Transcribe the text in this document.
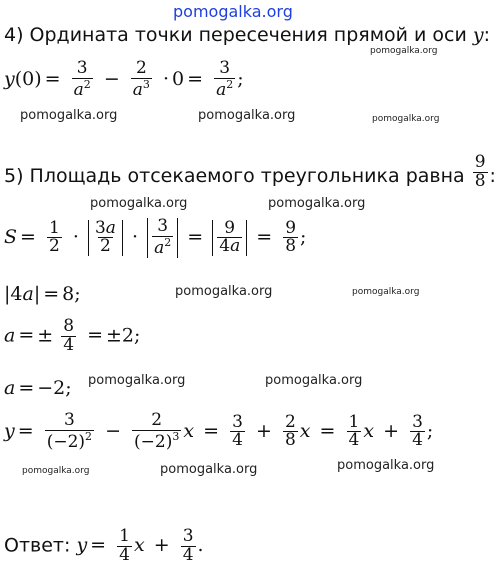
pomogalka.org
4) Ордината точки пересечения прямой и оси y:
pomogalka.org
$y(0) = \frac{3}{a^2} - \frac{2}{a^3} \cdot 0 = \frac{3}{a^2}$ ;
pomogalka.org	pomogalka.org	pomogalka.org
5) Площадь отсекаемого треугольника равна $\frac{9}{8}$ :
pomogalka.org	pomogalka.org
$S = \frac{1}{2} \cdot \frac{3a}{2} \cdot \frac{3}{a^2} = \frac{9}{4a} = \frac{9}{8}$ ;
|4a| = 8;	pomogalka.org	pomogalka.org
a = ± $\frac{8}{4} = \pm 2$;
a = −2; pomogalka.org	pomogalka.org
$y = \frac{3}{(-2)^2} - \frac{2}{(-2)^3}$ $x = \frac{3}{4} + \frac{2}{8}$ $x = \frac{1}{4}$ $x + \frac{3}{4}$ ;
pomogalka.org	pomogalka.org	pomogalka.org
Ответ: $y = \frac{1}{4}$ $x + \frac{3}{4}$ .
